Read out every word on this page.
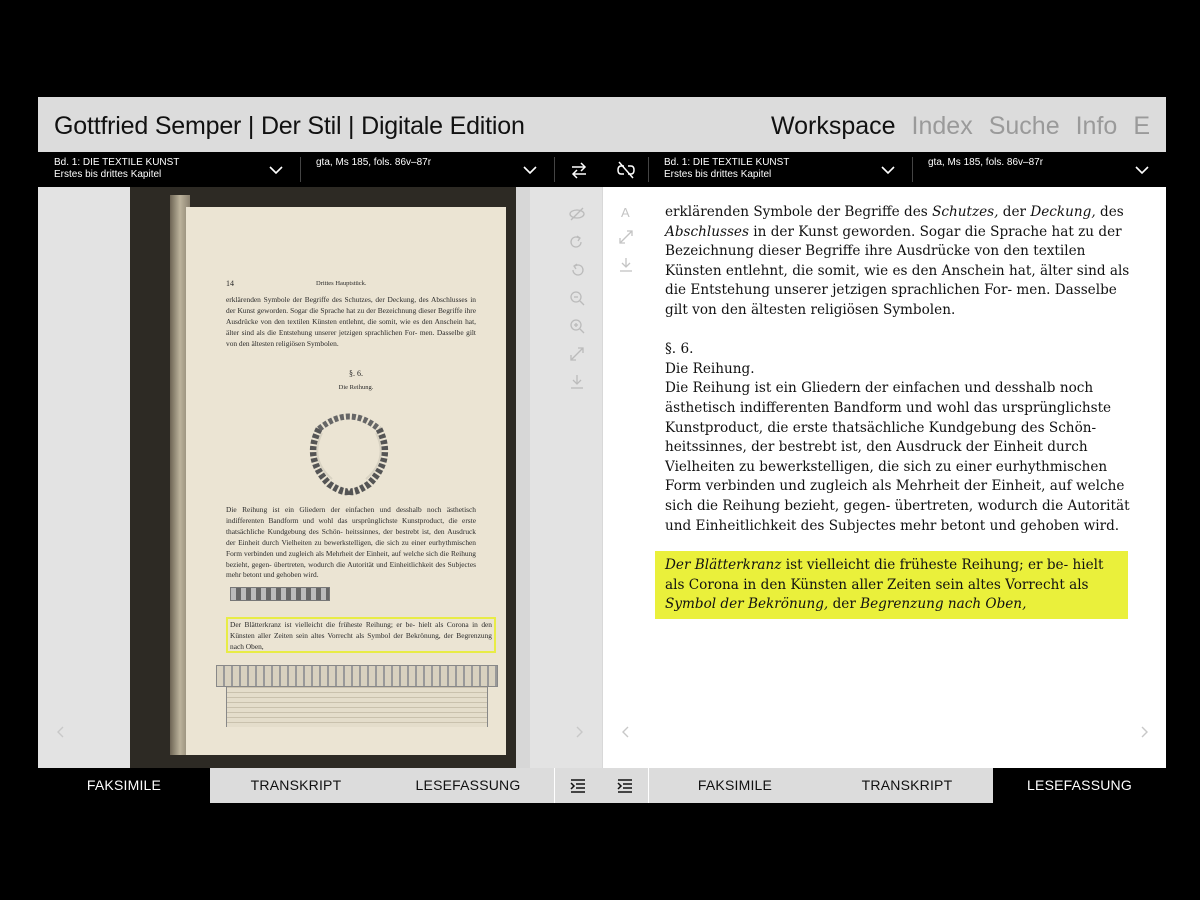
Gottfried Semper | Der Stil | Digitale Edition	Workspace Index Suche Info E
Bd. 1: DIE TEXTILE KUNST
Erstes bis drittes Kapitel
gta, Ms 185, fols. 86v–87r	Bd. 1: DIE TEXTILE KUNST
Erstes bis drittes Kapitel
gta, Ms 185, fols. 86v–87r
14	Drittes Hauptstück.
erklärenden Symbole der Begriffe des Schutzes, der Deckung, des Abschlusses in der Kunst geworden. Sogar die Sprache hat zu der Bezeichnung dieser Begriffe ihre Ausdrücke von den textilen Künsten entlehnt, die somit, wie es den Anschein hat, älter sind als die Entstehung unserer jetzigen sprachlichen For- men. Dasselbe gilt von den ältesten religiösen Symbolen.
§. 6.
Die Reihung.
Die Reihung ist ein Gliedern der einfachen und desshalb noch ästhetisch indifferenten Bandform und wohl das ursprünglichste Kunstproduct, die erste thatsächliche Kundgebung des Schön- heitssinnes, der bestrebt ist, den Ausdruck der Einheit durch Vielheiten zu bewerkstelligen, die sich zu einer eurhythmischen Form verbinden und zugleich als Mehrheit der Einheit, auf welche sich die Reihung bezieht, gegen- übertreten, wodurch die Autorität und Einheitlichkeit des Subjectes mehr betont und gehoben wird.
Der Blätterkranz ist vielleicht die früheste Reihung; er be- hielt als Corona in den Künsten aller Zeiten sein altes Vorrecht als Symbol der Bekrönung, der Begrenzung nach Oben,
A	erklärenden Symbole der Begriffe des Schutzes, der Deckung, des Abschlusses in der Kunst geworden. Sogar die Sprache hat zu der Bezeichnung dieser Begriffe ihre Ausdrücke von den textilen Künsten entlehnt, die somit, wie es den Anschein hat, älter sind als die Entstehung unserer jetzigen sprachlichen For- men. Dasselbe gilt von den ältesten religiösen Symbolen.

§. 6.

Die Reihung.

Die Reihung ist ein Gliedern der einfachen und desshalb noch ästhetisch indifferenten Bandform und wohl das ursprünglichste Kunstproduct, die erste thatsächliche Kundgebung des Schön- heitssinnes, der bestrebt ist, den Ausdruck der Einheit durch Vielheiten zu bewerkstelligen, die sich zu einer eurhythmischen Form verbinden und zugleich als Mehrheit der Einheit, auf welche sich die Reihung bezieht, gegen- übertreten, wodurch die Autorität und Einheitlichkeit des Subjectes mehr betont und gehoben wird.

Der Blätterkranz ist vielleicht die früheste Reihung; er be- hielt als Corona in den Künsten aller Zeiten sein altes Vorrecht als Symbol der Bekrönung, der Begrenzung nach Oben,
FAKSIMILE	TRANSKRIPT	LESEFASSUNG	FAKSIMILE	TRANSKRIPT	LESEFASSUNG
